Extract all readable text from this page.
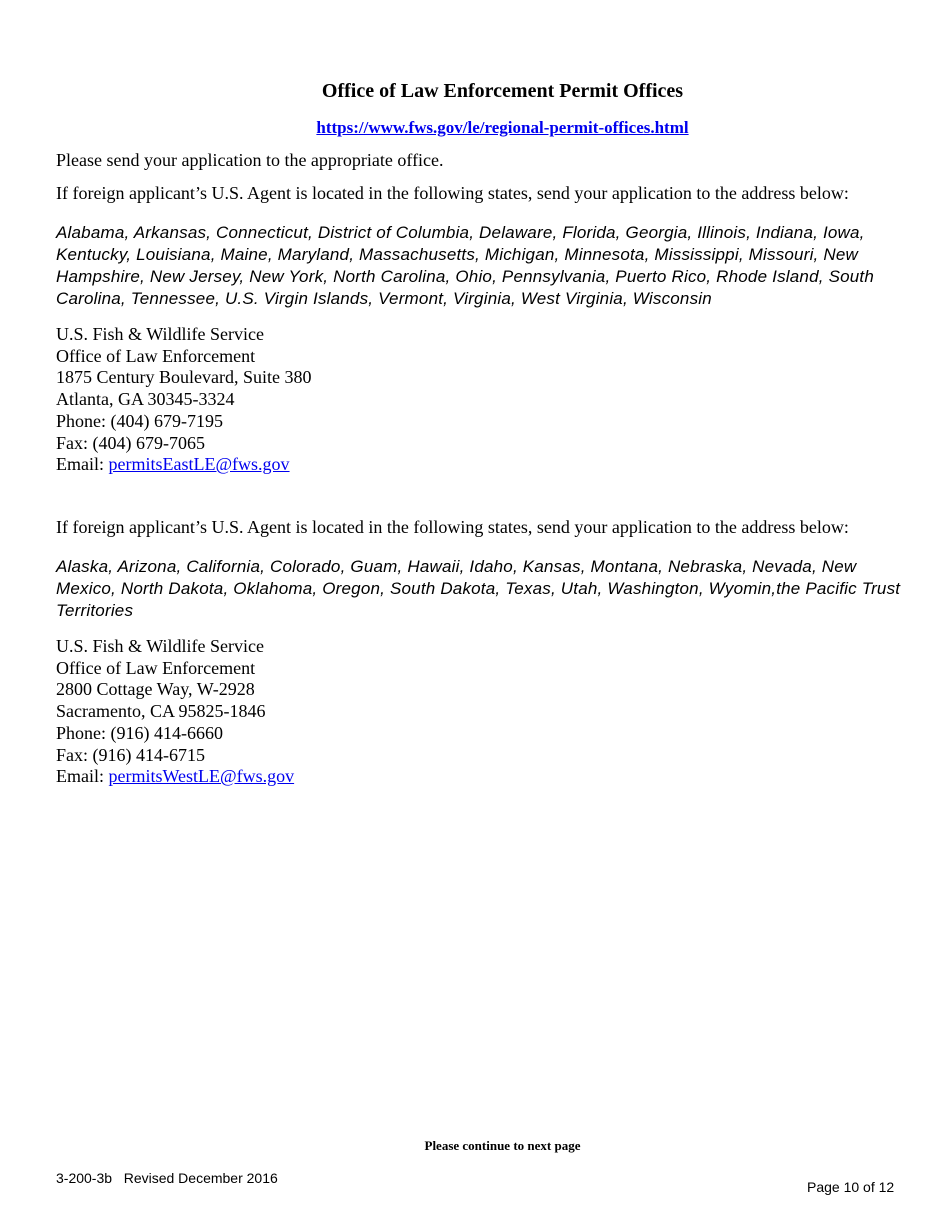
Office of Law Enforcement Permit Offices
https://www.fws.gov/le/regional-permit-offices.html
Please send your application to the appropriate office.
If foreign applicant’s U.S. Agent is located in the following states, send your application to the address below:
Alabama, Arkansas, Connecticut, District of Columbia, Delaware, Florida, Georgia, Illinois, Indiana, Iowa,
Kentucky, Louisiana, Maine, Maryland, Massachusetts, Michigan, Minnesota, Mississippi, Missouri, New
Hampshire, New Jersey, New York, North Carolina, Ohio, Pennsylvania, Puerto Rico, Rhode Island, South
Carolina, Tennessee, U.S. Virgin Islands, Vermont, Virginia, West Virginia, Wisconsin
U.S. Fish & Wildlife Service
Office of Law Enforcement
1875 Century Boulevard, Suite 380
Atlanta, GA 30345-3324
Phone: (404) 679-7195
Fax: (404) 679-7065
Email: permitsEastLE@fws.gov
If foreign applicant’s U.S. Agent is located in the following states, send your application to the address below:
Alaska, Arizona, California, Colorado, Guam, Hawaii, Idaho, Kansas, Montana, Nebraska, Nevada, New
Mexico, North Dakota, Oklahoma, Oregon, South Dakota, Texas, Utah, Washington, Wyomin,the Pacific Trust
Territories
U.S. Fish & Wildlife Service
Office of Law Enforcement
2800 Cottage Way, W-2928
Sacramento, CA 95825-1846
Phone: (916) 414-6660
Fax: (916) 414-6715
Email: permitsWestLE@fws.gov
Please continue to next page
3-200-3b   Revised December 2016
Page 10 of 12
